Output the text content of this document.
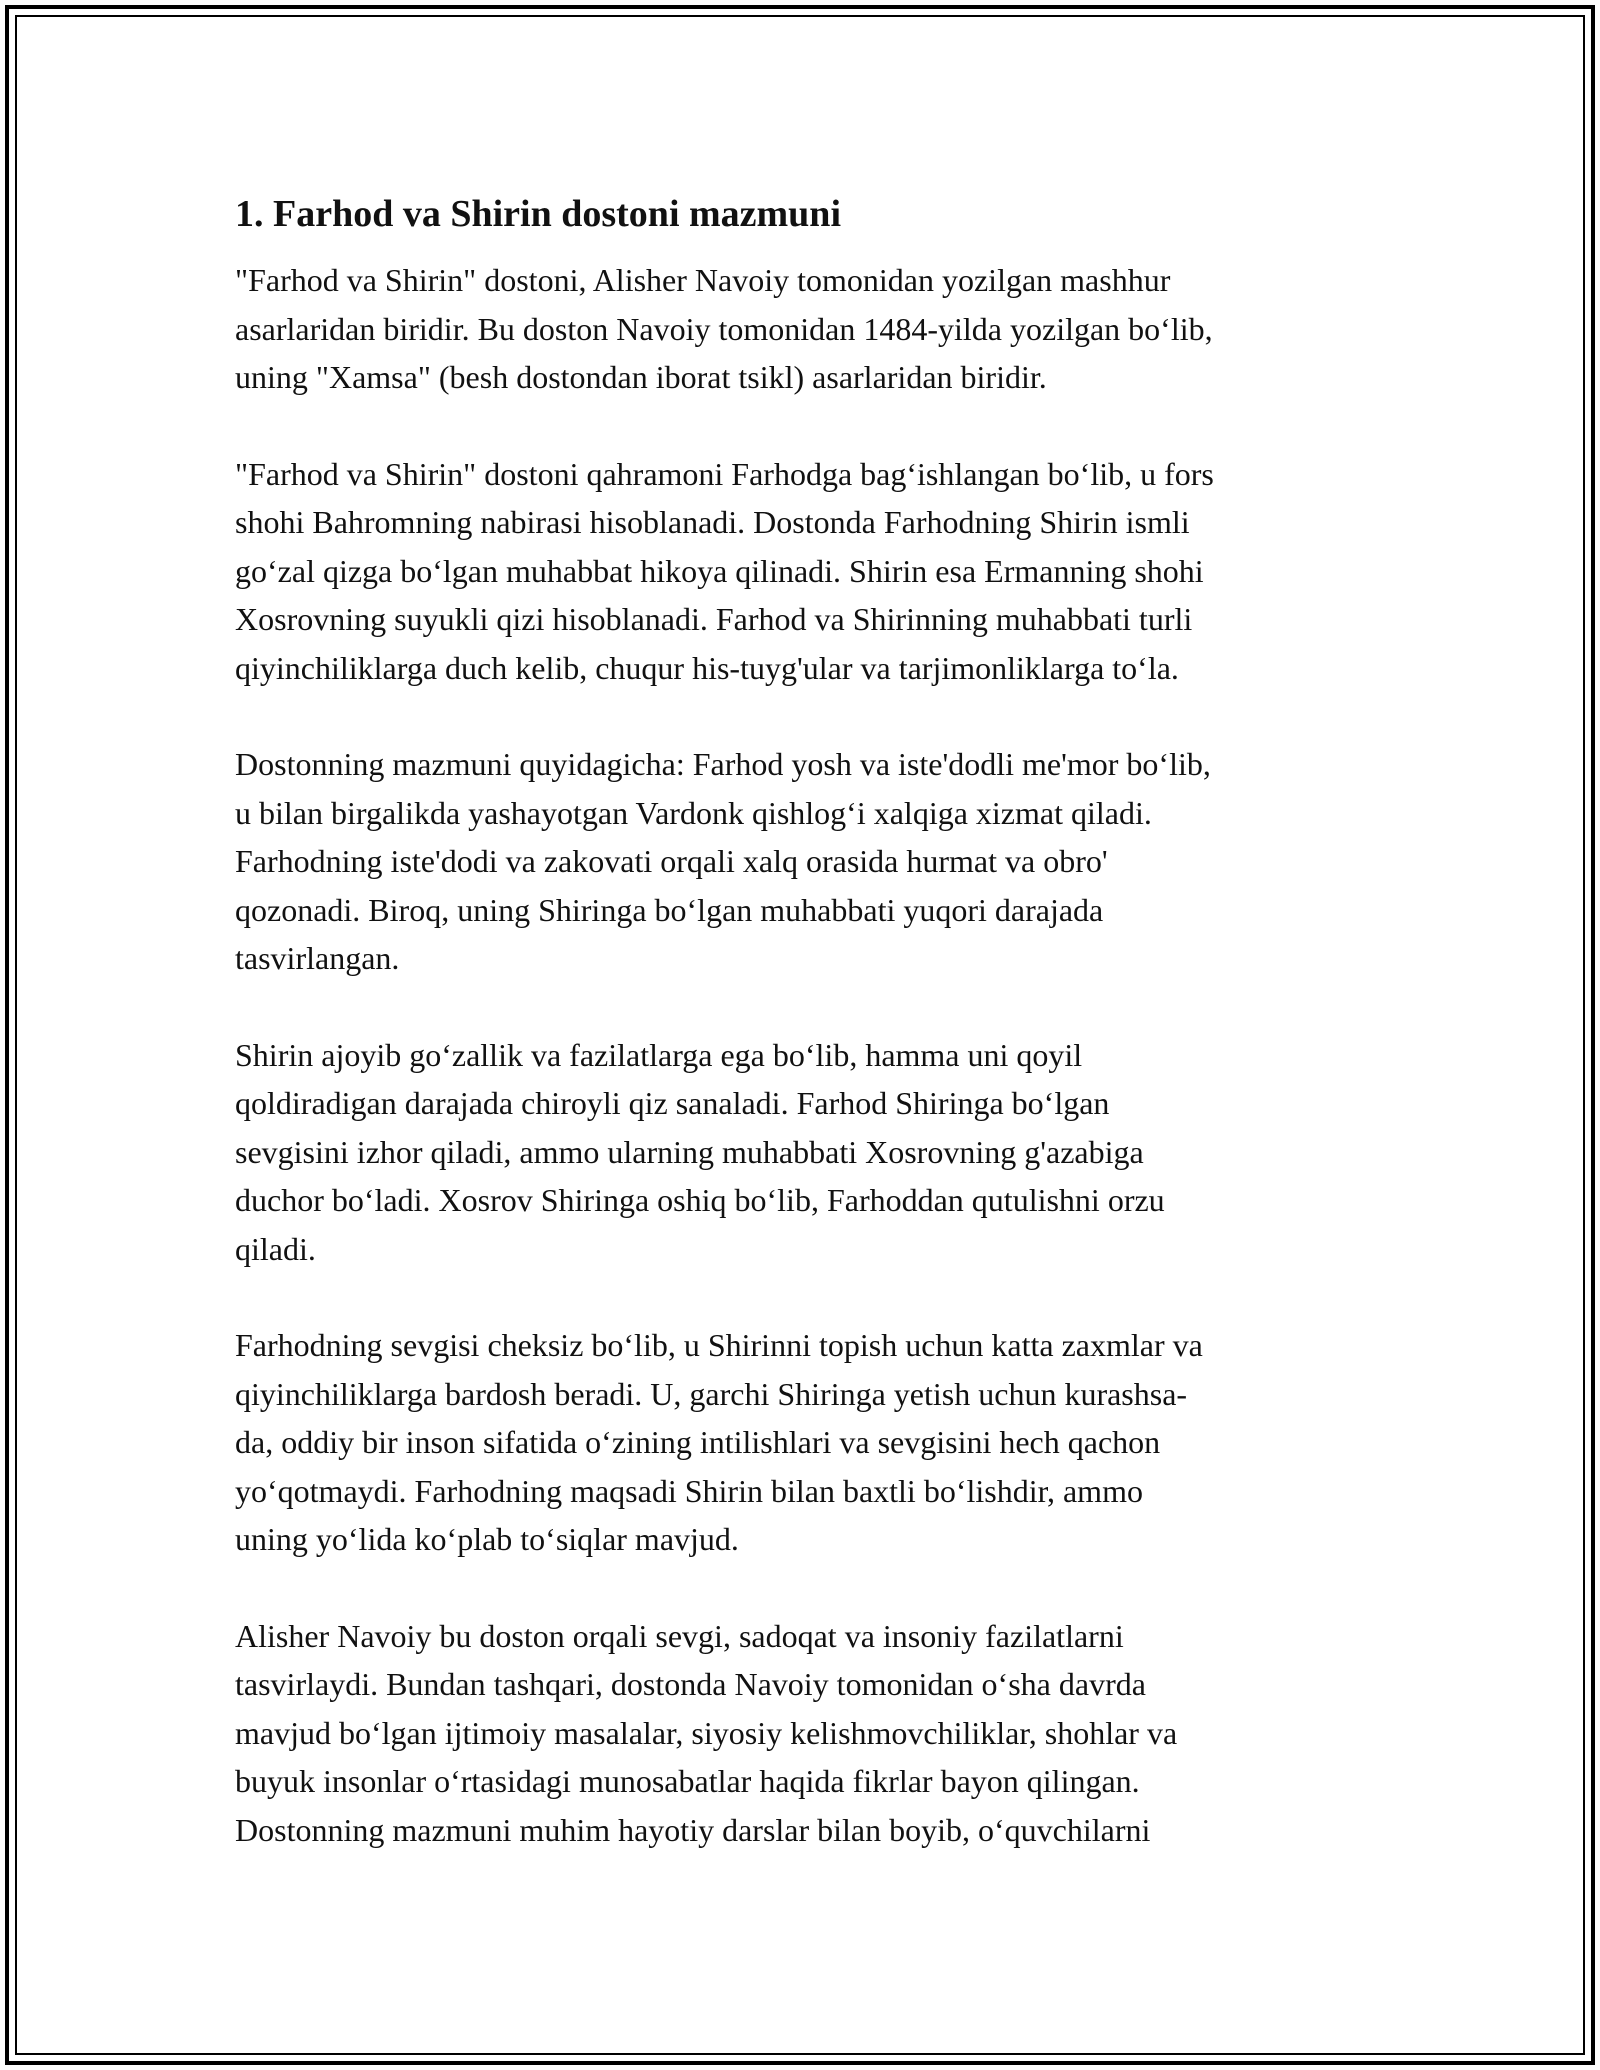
1. Farhod va Shirin dostoni mazmuni

"Farhod va Shirin" dostoni, Alisher Navoiy tomonidan yozilgan mashhur
asarlaridan biridir. Bu doston Navoiy tomonidan 1484-yilda yozilgan bo‘lib,
uning "Xamsa" (besh dostondan iborat tsikl) asarlaridan biridir.

"Farhod va Shirin" dostoni qahramoni Farhodga bag‘ishlangan bo‘lib, u fors
shohi Bahromning nabirasi hisoblanadi. Dostonda Farhodning Shirin ismli
go‘zal qizga bo‘lgan muhabbat hikoya qilinadi. Shirin esa Ermanning shohi
Xosrovning suyukli qizi hisoblanadi. Farhod va Shirinning muhabbati turli
qiyinchiliklarga duch kelib, chuqur his-tuyg'ular va tarjimonliklarga to‘la.

Dostonning mazmuni quyidagicha: Farhod yosh va iste'dodli me'mor bo‘lib,
u bilan birgalikda yashayotgan Vardonk qishlog‘i xalqiga xizmat qiladi.
Farhodning iste'dodi va zakovati orqali xalq orasida hurmat va obro'
qozonadi. Biroq, uning Shiringa bo‘lgan muhabbati yuqori darajada
tasvirlangan.

Shirin ajoyib go‘zallik va fazilatlarga ega bo‘lib, hamma uni qoyil
qoldiradigan darajada chiroyli qiz sanaladi. Farhod Shiringa bo‘lgan
sevgisini izhor qiladi, ammo ularning muhabbati Xosrovning g'azabiga
duchor bo‘ladi. Xosrov Shiringa oshiq bo‘lib, Farhoddan qutulishni orzu
qiladi.

Farhodning sevgisi cheksiz bo‘lib, u Shirinni topish uchun katta zaxmlar va
qiyinchiliklarga bardosh beradi. U, garchi Shiringa yetish uchun kurashsa-
da, oddiy bir inson sifatida o‘zining intilishlari va sevgisini hech qachon
yo‘qotmaydi. Farhodning maqsadi Shirin bilan baxtli bo‘lishdir, ammo
uning yo‘lida ko‘plab to‘siqlar mavjud.

Alisher Navoiy bu doston orqali sevgi, sadoqat va insoniy fazilatlarni
tasvirlaydi. Bundan tashqari, dostonda Navoiy tomonidan o‘sha davrda
mavjud bo‘lgan ijtimoiy masalalar, siyosiy kelishmovchiliklar, shohlar va
buyuk insonlar o‘rtasidagi munosabatlar haqida fikrlar bayon qilingan.
Dostonning mazmuni muhim hayotiy darslar bilan boyib, o‘quvchilarni
